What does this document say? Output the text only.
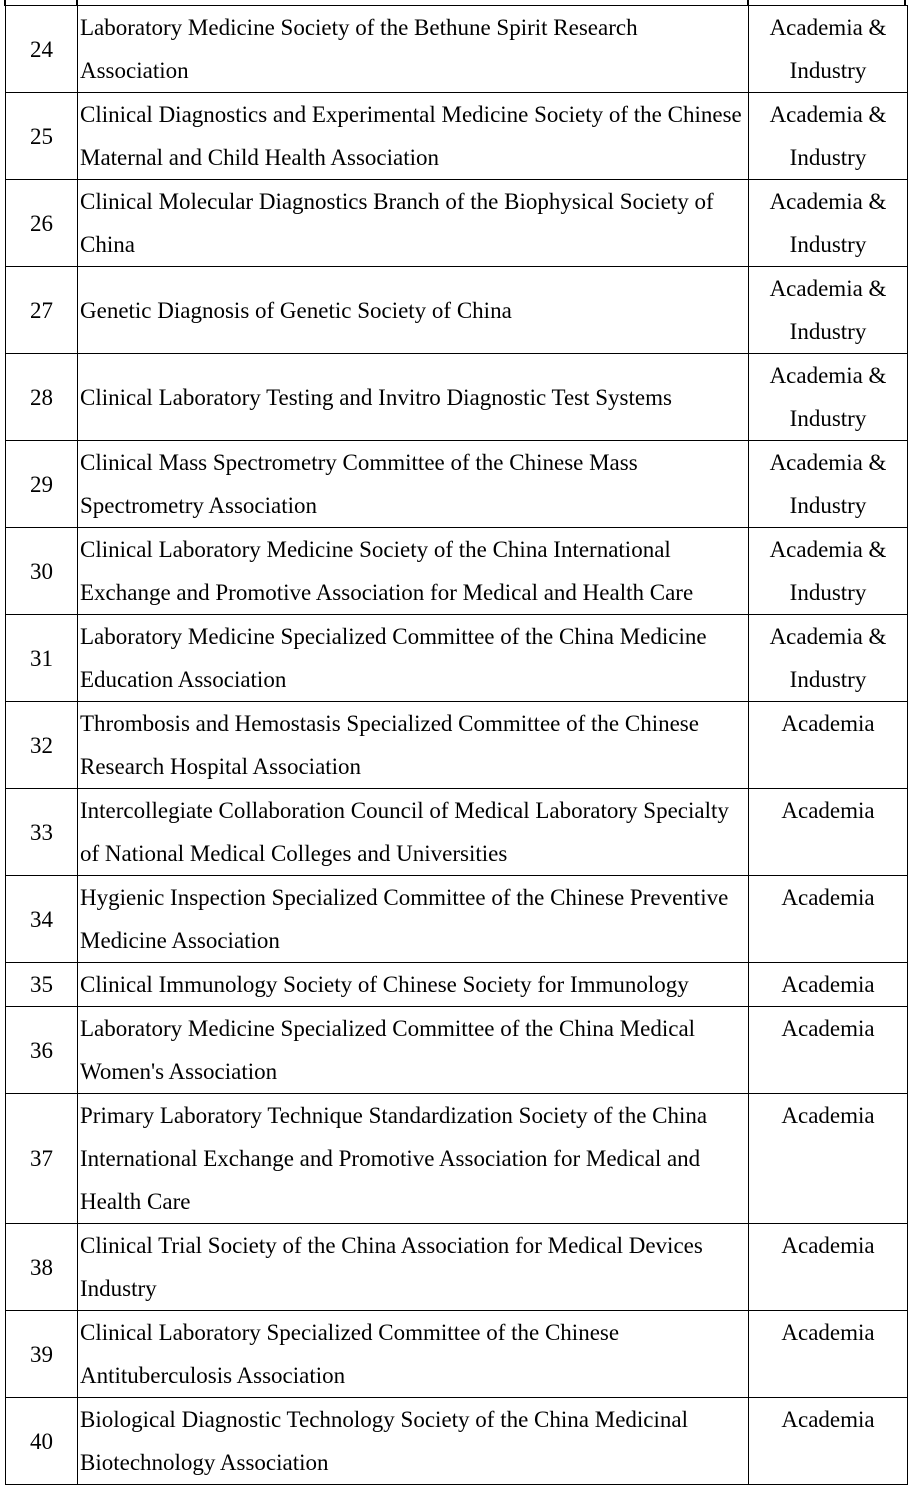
24	Laboratory Medicine Society of the Bethune Spirit Research Association	Academia & Industry
25	Clinical Diagnostics and Experimental Medicine Society of the Chinese Maternal and Child Health Association	Academia & Industry
26	Clinical Molecular Diagnostics Branch of the Biophysical Society of China	Academia & Industry
27	Genetic Diagnosis of Genetic Society of China	Academia & Industry
28	Clinical Laboratory Testing and Invitro Diagnostic Test Systems	Academia & Industry
29	Clinical Mass Spectrometry Committee of the Chinese Mass Spectrometry Association	Academia & Industry
30	Clinical Laboratory Medicine Society of the China International Exchange and Promotive Association for Medical and Health Care	Academia & Industry
31	Laboratory Medicine Specialized Committee of the China Medicine Education Association	Academia & Industry
32	Thrombosis and Hemostasis Specialized Committee of the Chinese Research Hospital Association	Academia
33	Intercollegiate Collaboration Council of Medical Laboratory Specialty of National Medical Colleges and Universities	Academia
34	Hygienic Inspection Specialized Committee of the Chinese Preventive Medicine Association	Academia
35	Clinical Immunology Society of Chinese Society for Immunology	Academia
36	Laboratory Medicine Specialized Committee of the China Medical Women's Association	Academia
37	Primary Laboratory Technique Standardization Society of the China International Exchange and Promotive Association for Medical and Health Care	Academia
38	Clinical Trial Society of the China Association for Medical Devices Industry	Academia
39	Clinical Laboratory Specialized Committee of the Chinese Antituberculosis Association	Academia
40	Biological Diagnostic Technology Society of the China Medicinal Biotechnology Association	Academia
